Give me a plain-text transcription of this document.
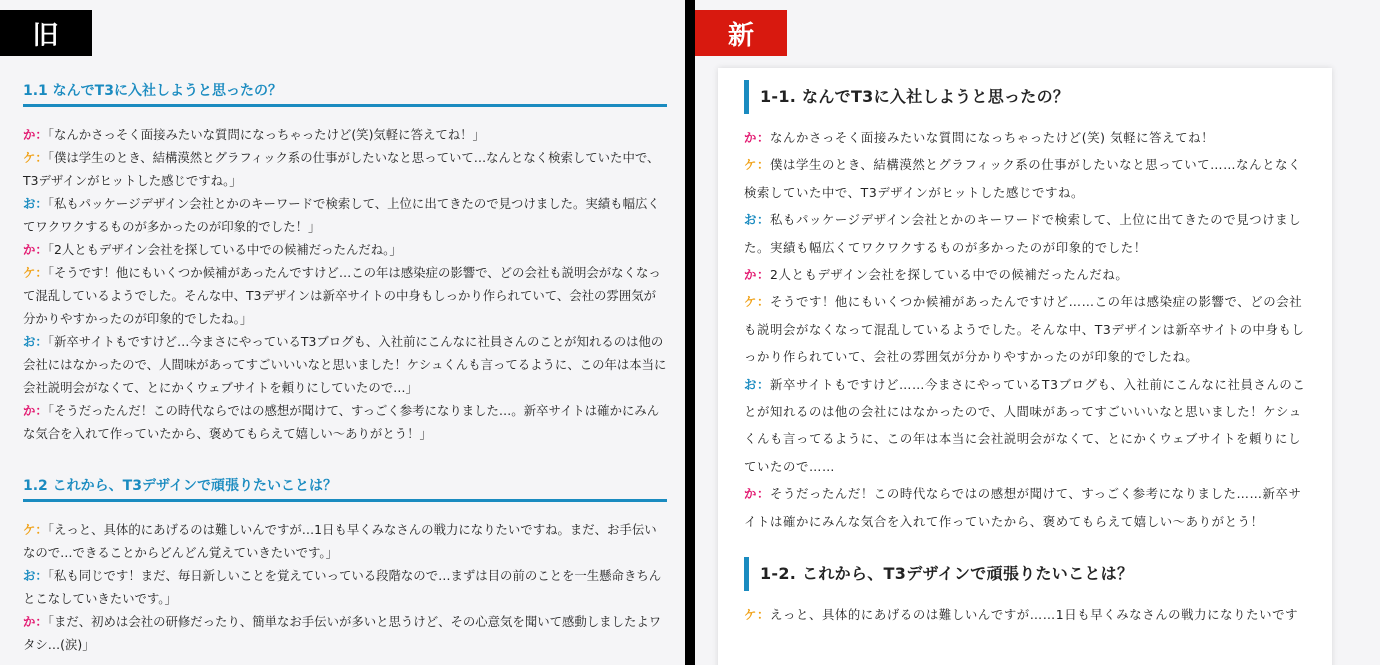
旧
1.1 なんでT3に入社しようと思ったの？

か：「なんかさっそく面接みたいな質問になっちゃったけど(笑)気軽に答えてね！」

ケ：「僕は学生のとき、結構漠然とグラフィック系の仕事がしたいなと思っていて…なんとなく検索していた中で、T3デザインがヒットした感じですね。」

お：「私もパッケージデザイン会社とかのキーワードで検索して、上位に出てきたので見つけました。実績も幅広くてワクワクするものが多かったのが印象的でした！」

か：「2人ともデザイン会社を探している中での候補だったんだね。」

ケ：「そうです！他にもいくつか候補があったんですけど…この年は感染症の影響で、どの会社も説明会がなくなって混乱しているようでした。そんな中、T3デザインは新卒サイトの中身もしっかり作られていて、会社の雰囲気が分かりやすかったのが印象的でしたね。」

お：「新卒サイトもですけど…今まさにやっているT3ブログも、入社前にこんなに社員さんのことが知れるのは他の会社にはなかったので、人間味があってすごいいいなと思いました！ケシュくんも言ってるように、この年は本当に会社説明会がなくて、とにかくウェブサイトを頼りにしていたので…」

か：「そうだったんだ！この時代ならではの感想が聞けて、すっごく参考になりました…。新卒サイトは確かにみんな気合を入れて作っていたから、褒めてもらえて嬉しい〜ありがとう！」

1.2 これから、T3デザインで頑張りたいことは？

ケ：「えっと、具体的にあげるのは難しいんですが…1日も早くみなさんの戦力になりたいですね。まだ、お手伝いなので…できることからどんどん覚えていきたいです。」

お：「私も同じです！まだ、毎日新しいことを覚えていっている段階なので…まずは目の前のことを一生懸命きちんとこなしていきたいです。」

か：「まだ、初めは会社の研修だったり、簡単なお手伝いが多いと思うけど、その心意気を聞いて感動しましたよワタシ…(涙)」

新
1-1. なんでT3に入社しようと思ったの？

か：なんかさっそく面接みたいな質問になっちゃったけど(笑) 気軽に答えてね！

ケ：僕は学生のとき、結構漠然とグラフィック系の仕事がしたいなと思っていて……なんとなく検索していた中で、T3デザインがヒットした感じですね。

お：私もパッケージデザイン会社とかのキーワードで検索して、上位に出てきたので見つけました。実績も幅広くてワクワクするものが多かったのが印象的でした！

か：2人ともデザイン会社を探している中での候補だったんだね。

ケ：そうです！他にもいくつか候補があったんですけど……この年は感染症の影響で、どの会社も説明会がなくなって混乱しているようでした。そんな中、T3デザインは新卒サイトの中身もしっかり作られていて、会社の雰囲気が分かりやすかったのが印象的でしたね。

お：新卒サイトもですけど……今まさにやっているT3ブログも、入社前にこんなに社員さんのことが知れるのは他の会社にはなかったので、人間味があってすごいいいなと思いました！ケシュくんも言ってるように、この年は本当に会社説明会がなくて、とにかくウェブサイトを頼りにしていたので……

か：そうだったんだ！この時代ならではの感想が聞けて、すっごく参考になりました……新卒サイトは確かにみんな気合を入れて作っていたから、褒めてもらえて嬉しい〜ありがとう！

1-2. これから、T3デザインで頑張りたいことは？

ケ：えっと、具体的にあげるのは難しいんですが……1日も早くみなさんの戦力になりたいです
